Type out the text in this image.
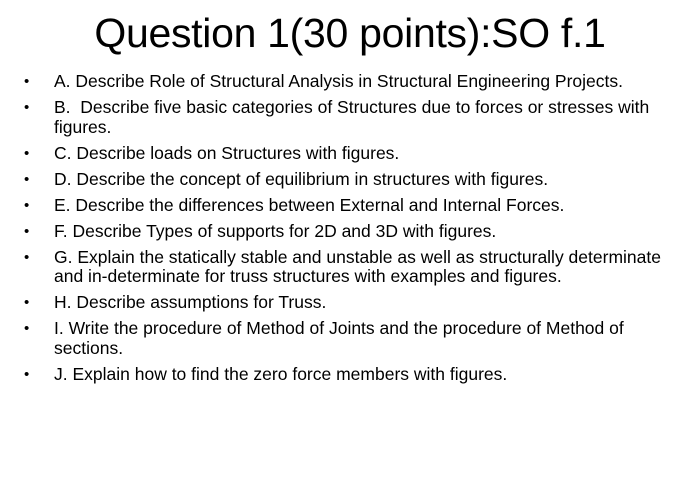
Question 1(30 points):SO f.1
•	A. Describe Role of Structural Analysis in Structural Engineering Projects.
•	B.  Describe five basic categories of Structures due to forces or stresses with figures.
•	C. Describe loads on Structures with figures.
•	D. Describe the concept of equilibrium in structures with figures.
•	E. Describe the differences between External and Internal Forces.
•	F. Describe Types of supports for 2D and 3D with figures.
•	G. Explain the statically stable and unstable as well as structurally determinate and in-determinate for truss structures with examples and figures.
•	H. Describe assumptions for Truss.
•	I. Write the procedure of Method of Joints and the procedure of Method of sections.
•	J. Explain how to find the zero force members with figures.
